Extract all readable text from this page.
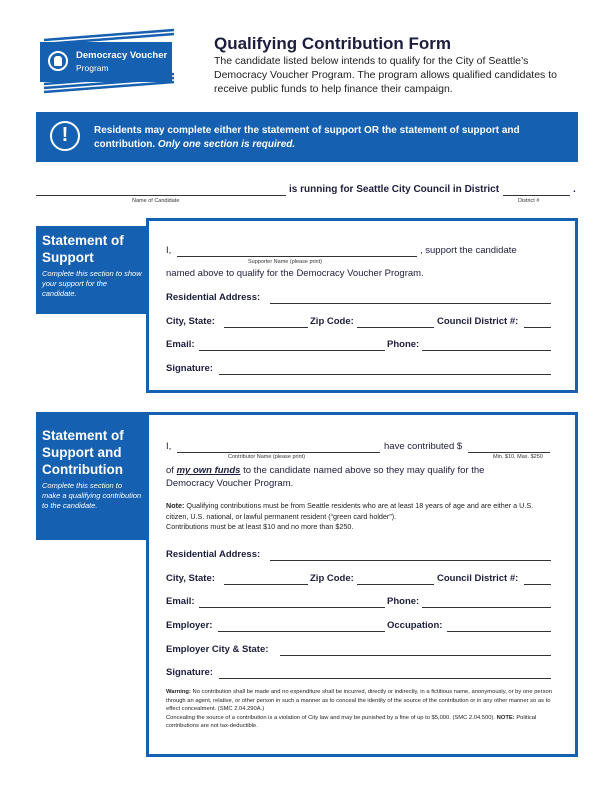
Democracy Voucher
Program
Qualifying Contribution Form
The candidate listed below intends to qualify for the City of Seattle’s Democracy Voucher Program. The program allows qualified candidates to receive public funds to help finance their campaign.
!	Residents may complete either the statement of support OR the statement of support and contribution. Only one section is required.
Name of Candidate
is running for Seattle City Council in District	.
District #
Statement of Support

Complete this section to show your support for the candidate.

I,
Supporter Name (please print)
, support the candidate
named above to qualify for the Democracy Voucher Program.
Residential Address:
City, State:	Zip Code:	Council District #:
Email:	Phone:
Signature:
Statement of Support and Contribution

Complete this section to make a qualifying contribution to the candidate.

I,
Contributor Name (please print)
have contributed $
Min. $10, Max. $250
of my own funds to the candidate named above so they may qualify for the
Democracy Voucher Program.
Note: Qualifying contributions must be from Seattle residents who are at least 18 years of age and are either a U.S. citizen, U.S. national, or lawful permanent resident (“green card holder”).
Contributions must be at least $10 and no more than $250.
Residential Address:
City, State:	Zip Code:	Council District #:
Email:	Phone:
Employer:	Occupation:
Employer City & State:
Signature:
Warning: No contribution shall be made and no expenditure shall be incurred, directly or indirectly, in a fictitious name, anonymously, or by one person through an agent, relative, or other person in such a manner as to conceal the identity of the source of the contribution or in any other manner so as to effect concealment. (SMC 2.04.290A.)
Concealing the source of a contribution is a violation of City law and may be punished by a fine of up to $5,000. (SMC 2.04.500). NOTE: Political contributions are not tax-deductible.
